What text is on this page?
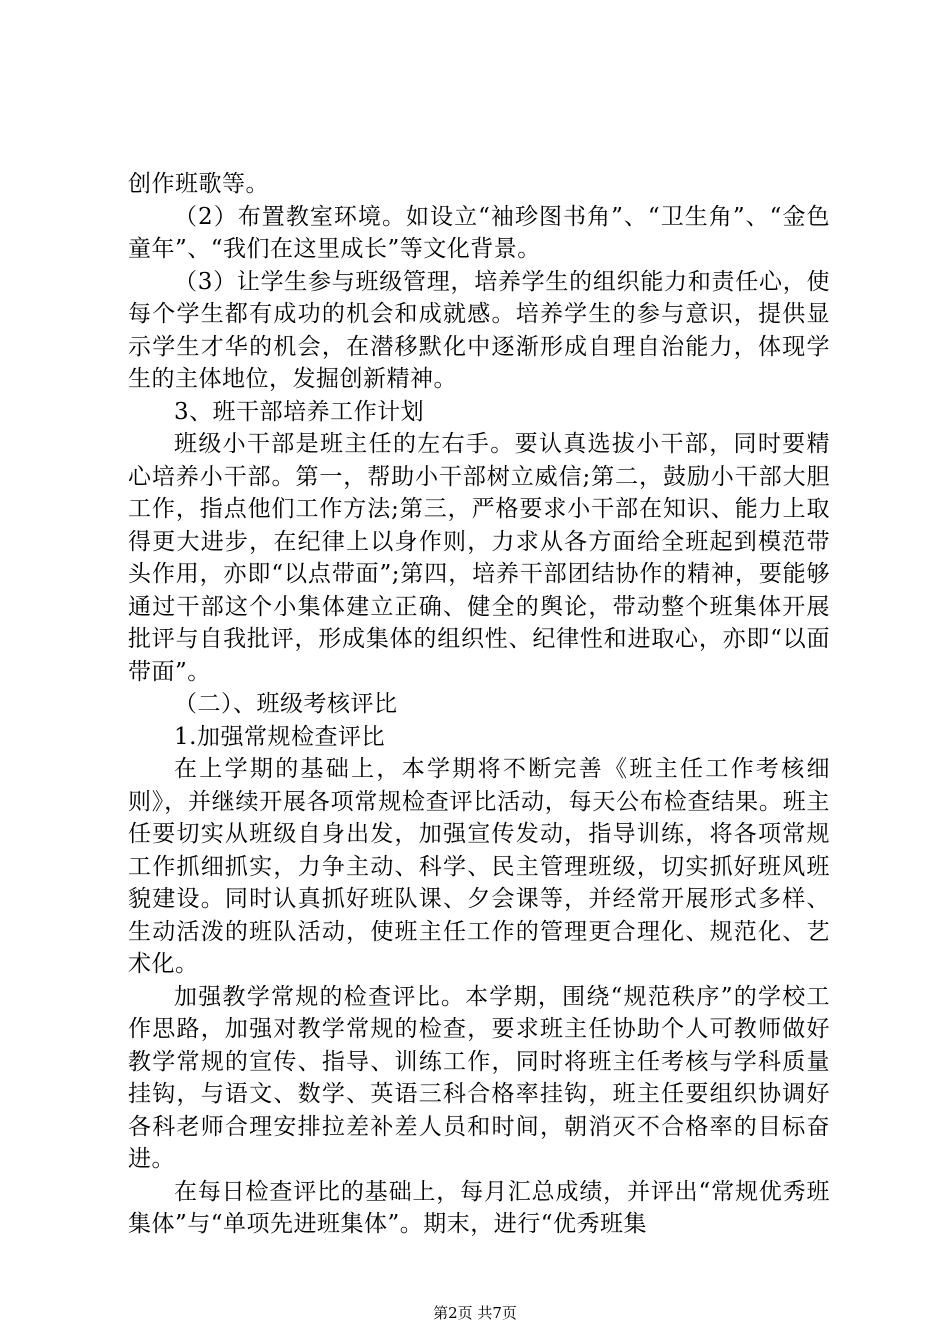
创作班歌等。

（2）布置教室环境。如设立“袖珍图书角”、“卫生角”、“金色童年”、“我们在这里成长”等文化背景。

（3）让学生参与班级管理，培养学生的组织能力和责任心，使每个学生都有成功的机会和成就感。培养学生的参与意识，提供显示学生才华的机会，在潜移默化中逐渐形成自理自治能力，体现学生的主体地位，发掘创新精神。

3、班干部培养工作计划

班级小干部是班主任的左右手。要认真选拔小干部，同时要精心培养小干部。第一，帮助小干部树立威信;第二，鼓励小干部大胆工作，指点他们工作方法;第三，严格要求小干部在知识、能力上取得更大进步，在纪律上以身作则，力求从各方面给全班起到模范带头作用，亦即“以点带面”;第四，培养干部团结协作的精神，要能够通过干部这个小集体建立正确、健全的舆论，带动整个班集体开展批评与自我批评，形成集体的组织性、纪律性和进取心，亦即“以面带面”。

（二）、班级考核评比

1.加强常规检查评比

在上学期的基础上，本学期将不断完善《班主任工作考核细则》，并继续开展各项常规检查评比活动，每天公布检查结果。班主任要切实从班级自身出发，加强宣传发动，指导训练，将各项常规工作抓细抓实，力争主动、科学、民主管理班级，切实抓好班风班貌建设。同时认真抓好班队课、夕会课等，并经常开展形式多样、生动活泼的班队活动，使班主任工作的管理更合理化、规范化、艺术化。

加强教学常规的检查评比。本学期，围绕“规范秩序”的学校工作思路，加强对教学常规的检查，要求班主任协助个人可教师做好教学常规的宣传、指导、训练工作，同时将班主任考核与学科质量挂钩，与语文、数学、英语三科合格率挂钩，班主任要组织协调好各科老师合理安排拉差补差人员和时间，朝消灭不合格率的目标奋进。

在每日检查评比的基础上，每月汇总成绩，并评出“常规优秀班集体”与“单项先进班集体”。期末，进行“优秀班集

第2页 共7页
